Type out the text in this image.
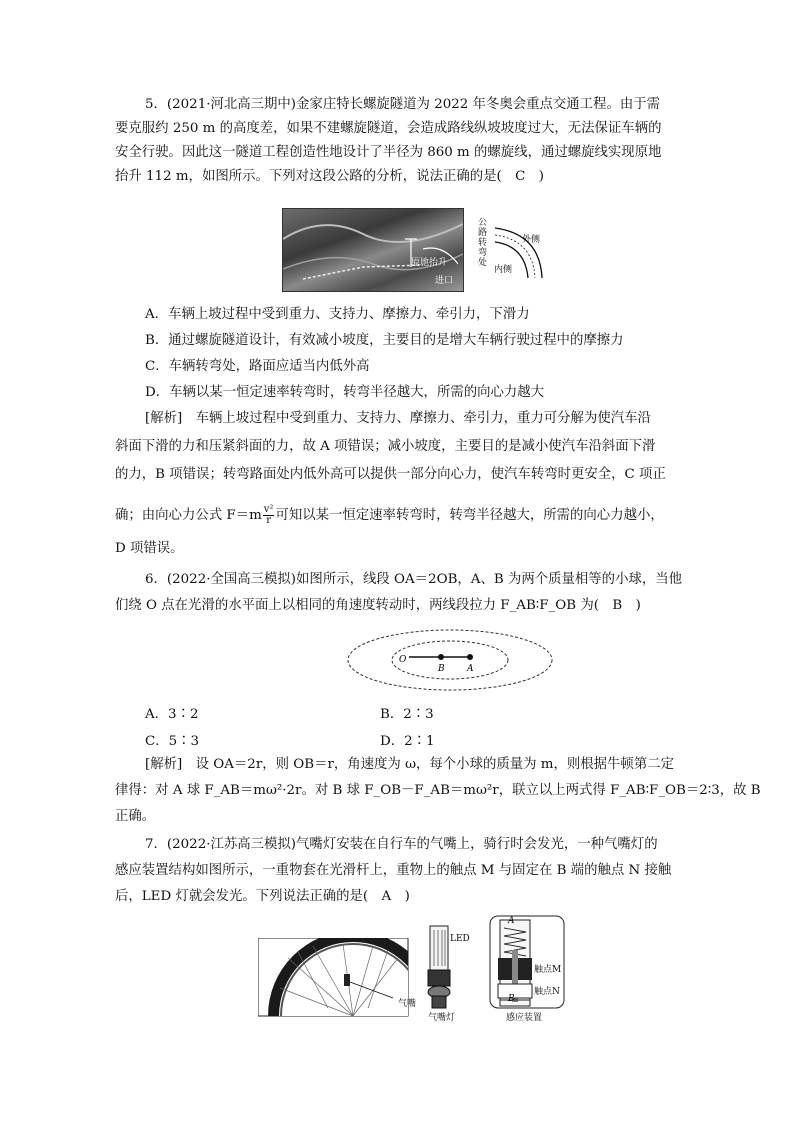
5．(2021·河北高三期中)金家庄特长螺旋隧道为 2022 年冬奥会重点交通工程。由于需
要克服约 250 m 的高度差，如果不建螺旋隧道，会造成路线纵坡坡度过大，无法保证车辆的
安全行驶。因此这一隧道工程创造性地设计了半径为 860 m 的螺旋线，通过螺旋线实现原地
抬升 112 m，如图所示。下列对这段公路的分析，说法正确的是(　C　)
原地抬升
进口
公路转弯处
外侧
内侧
A．车辆上坡过程中受到重力、支持力、摩擦力、牵引力，下滑力
B．通过螺旋隧道设计，有效减小坡度，主要目的是增大车辆行驶过程中的摩擦力
C．车辆转弯处，路面应适当内低外高
D．车辆以某一恒定速率转弯时，转弯半径越大，所需的向心力越大
[解析]　车辆上坡过程中受到重力、支持力、摩擦力、牵引力，重力可分解为使汽车沿
斜面下滑的力和压紧斜面的力，故 A 项错误；减小坡度，主要目的是减小使汽车沿斜面下滑
的力，B 项错误；转弯路面处内低外高可以提供一部分向心力，使汽车转弯时更安全，C 项正
确；由向心力公式 $F=m \frac{\text{v²}}{r}$ 可知以某一恒定速率转弯时，转弯半径越大，所需的向心力越小，
D 项错误。
6．(2022·全国高三模拟)如图所示，线段 OA＝2OB，A、B 为两个质量相等的小球，当他
们绕 O 点在光滑的水平面上以相同的角速度转动时，两线段拉力 F_AB∶F_OB 为(　B　)
O
B A
A．3∶2	B．2∶3
C．5∶3	D．2∶1
[解析]　设 OA＝2r，则 OB＝r，角速度为 ω，每个小球的质量为 m，则根据牛顿第二定
律得：对 A 球 F_AB＝mω²·2r。对 B 球 F_OB－F_AB＝mω²r，联立以上两式得 F_AB∶F_OB＝2∶3，故 B
正确。
7．(2022·江苏高三模拟)气嘴灯安装在自行车的气嘴上，骑行时会发光，一种气嘴灯的
感应装置结构如图所示，一重物套在光滑杆上，重物上的触点 M 与固定在 B 端的触点 N 接触
后，LED 灯就会发光。下列说法正确的是(　A　)
气嘴
LED
气嘴灯
A
B
触点M
触点N
感应装置
